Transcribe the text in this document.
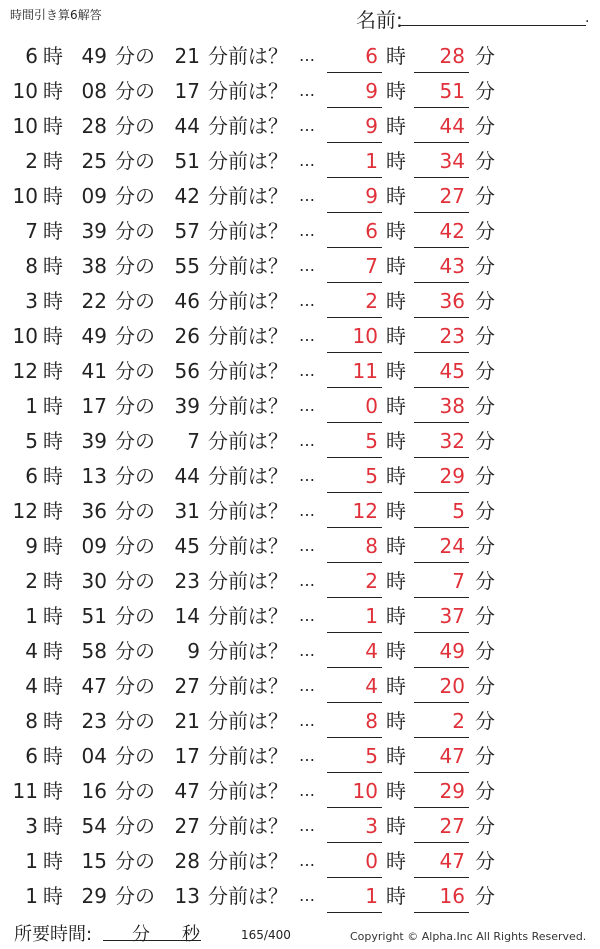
時間引き算6解答	名前:	.
6 時 49 分の 21 分前は？ …	6 時	28 分
10 時 08 分の 17 分前は？ …	9 時	51 分
10 時 28 分の 44 分前は？ …	9 時	44 分
2 時 25 分の 51 分前は？ …	1 時	34 分
10 時 09 分の 42 分前は？ …	9 時	27 分
7 時 39 分の 57 分前は？ …	6 時	42 分
8 時 38 分の 55 分前は？ …	7 時	43 分
3 時 22 分の 46 分前は？ …	2 時	36 分
10 時 49 分の 26 分前は？ …	10 時	23 分
12 時 41 分の 56 分前は？ …	11 時	45 分
1 時 17 分の 39 分前は？ …	0 時	38 分
5 時 39 分の	7 分前は？ …	5 時	32 分
6 時 13 分の 44 分前は？ …	5 時	29 分
12 時 36 分の 31 分前は？ …	12 時	5 分
9 時 09 分の 45 分前は？ …	8 時	24 分
2 時 30 分の 23 分前は？ …	2 時	7 分
1 時 51 分の 14 分前は？ …	1 時	37 分
4 時 58 分の	9 分前は？ …	4 時	49 分
4 時 47 分の 27 分前は？ …	4 時	20 分
8 時 23 分の 21 分前は？ …	8 時	2 分
6 時 04 分の 17 分前は？ …	5 時	47 分
11 時 16 分の 47 分前は？ …	10 時	29 分
3 時 54 分の 27 分前は？ …	3 時	27 分
1 時 15 分の 28 分前は？ …	0 時	47 分
1 時 29 分の 13 分前は？ …	1 時	16 分
所要時間: 分 秒	165/400	Copyright © Alpha.Inc All Rights Reserved.
